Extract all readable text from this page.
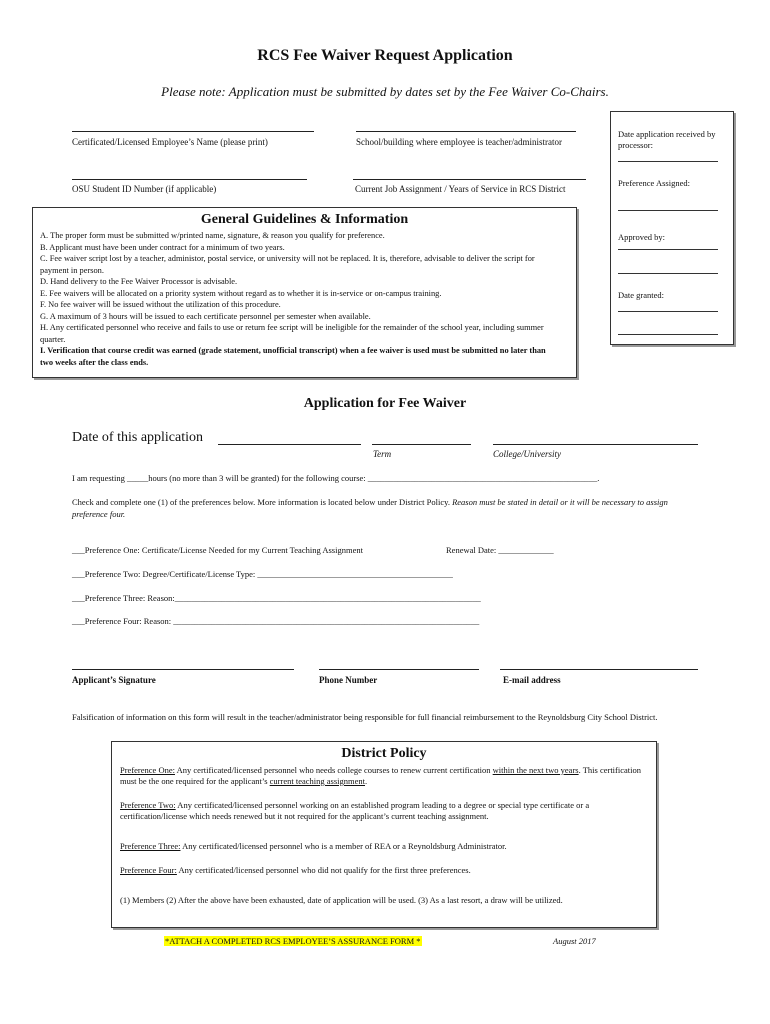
RCS Fee Waiver Request Application
Please note: Application must be submitted by dates set by the Fee Waiver Co-Chairs.
Certificated/Licensed Employee’s Name (please print)	School/building where employee is teacher/administrator
OSU Student ID Number (if applicable)	Current Job Assignment / Years of Service in RCS District
Date application received by processor:
Preference Assigned:
Approved by:
Date granted:
General Guidelines & Information
A. The proper form must be submitted w/printed name, signature, & reason you qualify for preference.
B. Applicant must have been under contract for a minimum of two years.
C. Fee waiver script lost by a teacher, administor, postal service, or university will not be replaced. It is, therefore, advisable to deliver the script for payment in person.
D. Hand delivery to the Fee Waiver Processor is advisable.
E. Fee waivers will be allocated on a priority system without regard as to whether it is in-service or on-campus training.
F. No fee waiver will be issued without the utilization of this procedure.
G. A maximum of 3 hours will be issued to each certificate personnel per semester when available.
H. Any certificated personnel who receive and fails to use or return fee script will be ineligible for the remainder of the school year, including summer quarter.
I. Verification that course credit was earned (grade statement, unofficial transcript) when a fee waiver is used must be submitted no later than two weeks after the class ends.
Application for Fee Waiver
Date of this application
Term	College/University
I am requesting _____hours (no more than 3 will be granted) for the following course: ______________________________________________________.
Check and complete one (1) of the preferences below. More information is located below under District Policy. Reason must be stated in detail or it will be necessary to assign preference four.
___Preference One: Certificate/License Needed for my Current Teaching Assignment	Renewal Date: _____________
___Preference Two: Degree/Certificate/License Type: ______________________________________________
___Preference Three: Reason:________________________________________________________________________
___Preference Four: Reason: ________________________________________________________________________
Applicant’s Signature	Phone Number	E-mail address
Falsification of information on this form will result in the teacher/administrator being responsible for full financial reimbursement to the Reynoldsburg City School District.
District Policy
Preference One: Any certificated/licensed personnel who needs college courses to renew current certification within the next two years. This certification must be the one required for the applicant’s current teaching assignment.
Preference Two: Any certificated/licensed personnel working on an established program leading to a degree or special type certificate or a certification/license which needs renewed but it not required for the applicant’s current teaching assignment.
Preference Three: Any certificated/licensed personnel who is a member of REA or a Reynoldsburg Administrator.
Preference Four: Any certificated/licensed personnel who did not qualify for the first three preferences.
(1) Members (2) After the above have been exhausted, date of application will be used. (3) As a last resort, a draw will be utilized.
*ATTACH A COMPLETED RCS EMPLOYEE’S ASSURANCE FORM *	August 2017
